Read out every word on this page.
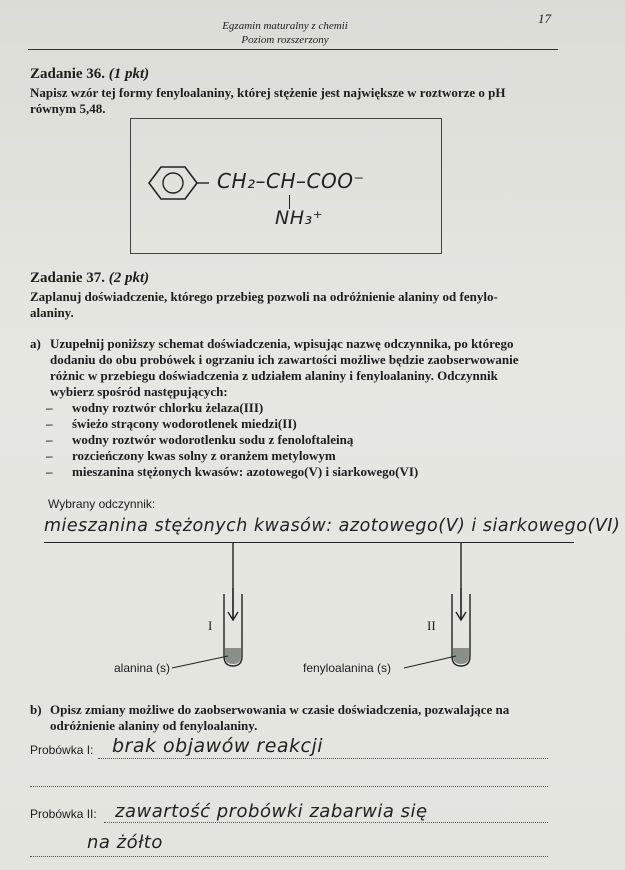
Egzamin maturalny z chemii
Poziom rozszerzony
17
Zadanie 36. (1 pkt)
Napisz wzór tej formy fenyloalaniny, której stężenie jest największe w roztworze o pH równym 5,48.
CH₂–CH–COO⁻
NH₃⁺
Zadanie 37. (2 pkt)
Zaplanuj doświadczenie, którego przebieg pozwoli na odróżnienie alaniny od fenylo-
alaniny.
a) Uzupełnij poniższy schemat doświadczenia, wpisując nazwę odczynnika, po którego
dodaniu do obu probówek i ogrzaniu ich zawartości możliwe będzie zaobserwowanie
różnic w przebiegu doświadczenia z udziałem alaniny i fenyloalaniny. Odczynnik
wybierz spośród następujących:
– wodny roztwór chlorku żelaza(III)
– świeżo strącony wodorotlenek miedzi(II)
– wodny roztwór wodorotlenku sodu z fenoloftaleiną
– rozcieńczony kwas solny z oranżem metylowym
– mieszanina stężonych kwasów: azotowego(V) i siarkowego(VI)
Wybrany odczynnik:
mieszanina stężonych kwasów: azotowego(V) i siarkowego(VI)
I	II
alanina (s)	fenyloalanina (s)
b) Opisz zmiany możliwe do zaobserwowania w czasie doświadczenia, pozwalające na
odróżnienie alaniny od fenyloalaniny.
Probówka I: brak objawów reakcji
Probówka II: zawartość probówki zabarwia się
na żółto
